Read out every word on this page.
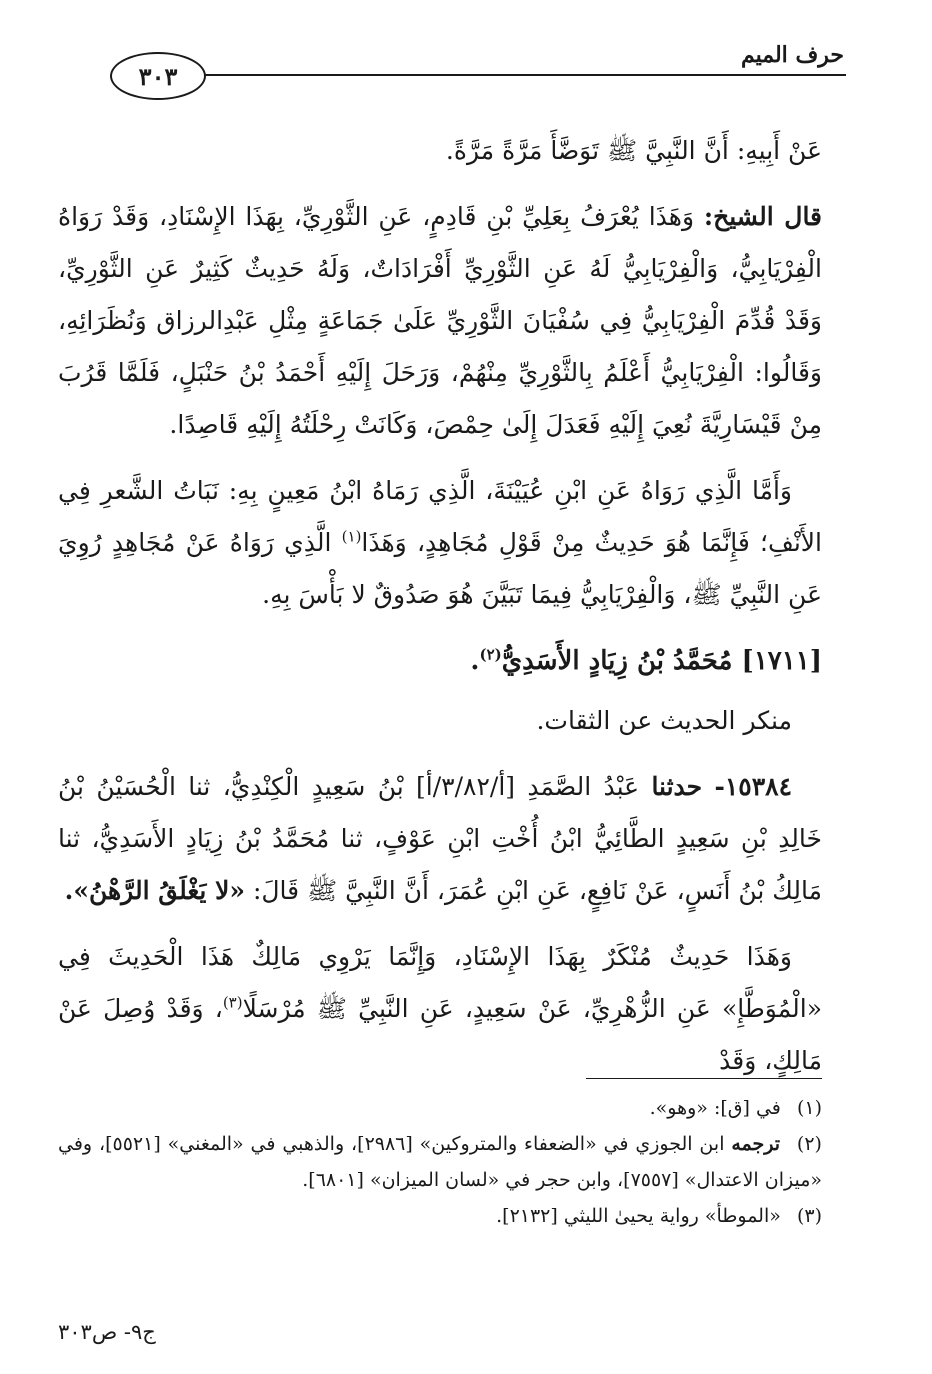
حرف الميم
٣٠٣

عَنْ أَبِيهِ: أَنَّ النَّبِيَّ ﷺ تَوَضَّأَ مَرَّةً مَرَّةً.

قال الشيخ: وَهَذَا يُعْرَفُ بِعَلِيِّ بْنِ قَادِمٍ، عَنِ الثَّوْرِيِّ، بِهَذَا الإِسْنَادِ، وَقَدْ رَوَاهُ الْفِرْيَابِيُّ، وَالْفِرْيَابِيُّ لَهُ عَنِ الثَّوْرِيِّ أَفْرَادَاتٌ، وَلَهُ حَدِيثٌ كَثِيرٌ عَنِ الثَّوْرِيِّ، وَقَدْ قُدِّمَ الْفِرْيَابِيُّ فِي سُفْيَانَ الثَّوْرِيِّ عَلَىٰ جَمَاعَةٍ مِثْلِ عَبْدِالرزاق وَنُظَرَائِهِ، وَقَالُوا: الْفِرْيَابِيُّ أَعْلَمُ بِالثَّوْرِيِّ مِنْهُمْ، وَرَحَلَ إِلَيْهِ أَحْمَدُ بْنُ حَنْبَلٍ، فَلَمَّا قَرُبَ مِنْ قَيْسَارِيَّةَ نُعِيَ إِلَيْهِ فَعَدَلَ إِلَىٰ حِمْصَ، وَكَانَتْ رِحْلَتُهُ إِلَيْهِ قَاصِدًا.

وَأَمَّا الَّذِي رَوَاهُ عَنِ ابْنِ عُيَيْنَةَ، الَّذِي رَمَاهُ ابْنُ مَعِينٍ بِهِ: نَبَاتُ الشَّعرِ فِي الأَنْفِ؛ فَإِنَّمَا هُوَ حَدِيثٌ مِنْ قَوْلِ مُجَاهِدٍ، وَهَذَا$^{(١)}$ الَّذِي رَوَاهُ عَنْ مُجَاهِدٍ رُوِيَ عَنِ النَّبِيِّ ﷺ، وَالْفِرْيَابِيُّ فِيمَا تَبَيَّنَ هُوَ صَدُوقٌ لا بَأْسَ بِهِ.

[١٧١١] مُحَمَّدُ بْنُ زِيَادٍ الأَسَدِيُّ$^{(٢)}$.

منكر الحديث عن الثقات.

١٥٣٨٤- حدثنا عَبْدُ الصَّمَدِ [أ/٣/٨٢/أ] بْنُ سَعِيدٍ الْكِنْدِيُّ، ثنا الْحُسَيْنُ بْنُ خَالِدِ بْنِ سَعِيدٍ الطَّائِيُّ ابْنُ أُخْتِ ابْنِ عَوْفٍ، ثنا مُحَمَّدُ بْنُ زِيَادٍ الأَسَدِيُّ، ثنا مَالِكُ بْنُ أَنَسٍ، عَنْ نَافِعٍ، عَنِ ابْنِ عُمَرَ، أَنَّ النَّبِيَّ ﷺ قَالَ: «لا يَغْلَقُ الرَّهْنُ».

وَهَذَا حَدِيثٌ مُنْكَرٌ بِهَذَا الإِسْنَادِ، وَإِنَّمَا يَرْوِي مَالِكٌ هَذَا الْحَدِيثَ فِي «الْمُوَطَّإِ» عَنِ الزُّهْرِيِّ، عَنْ سَعِيدٍ، عَنِ النَّبِيِّ ﷺ مُرْسَلًا$^{(٣)}$، وَقَدْ وُصِلَ عَنْ مَالِكٍ، وَقَدْ

(١) في [ق]: «وهو».

(٢) ترجمه ابن الجوزي في «الضعفاء والمتروكين» [٢٩٨٦]، والذهبي في «المغني» [٥٥٢١]، وفي «ميزان الاعتدال» [٧٥٥٧]، وابن حجر في «لسان الميزان» [٦٨٠١].

(٣) «الموطأ» رواية يحيىٰ الليثي [٢١٣٢].

ج٩- ص٣٠٣
